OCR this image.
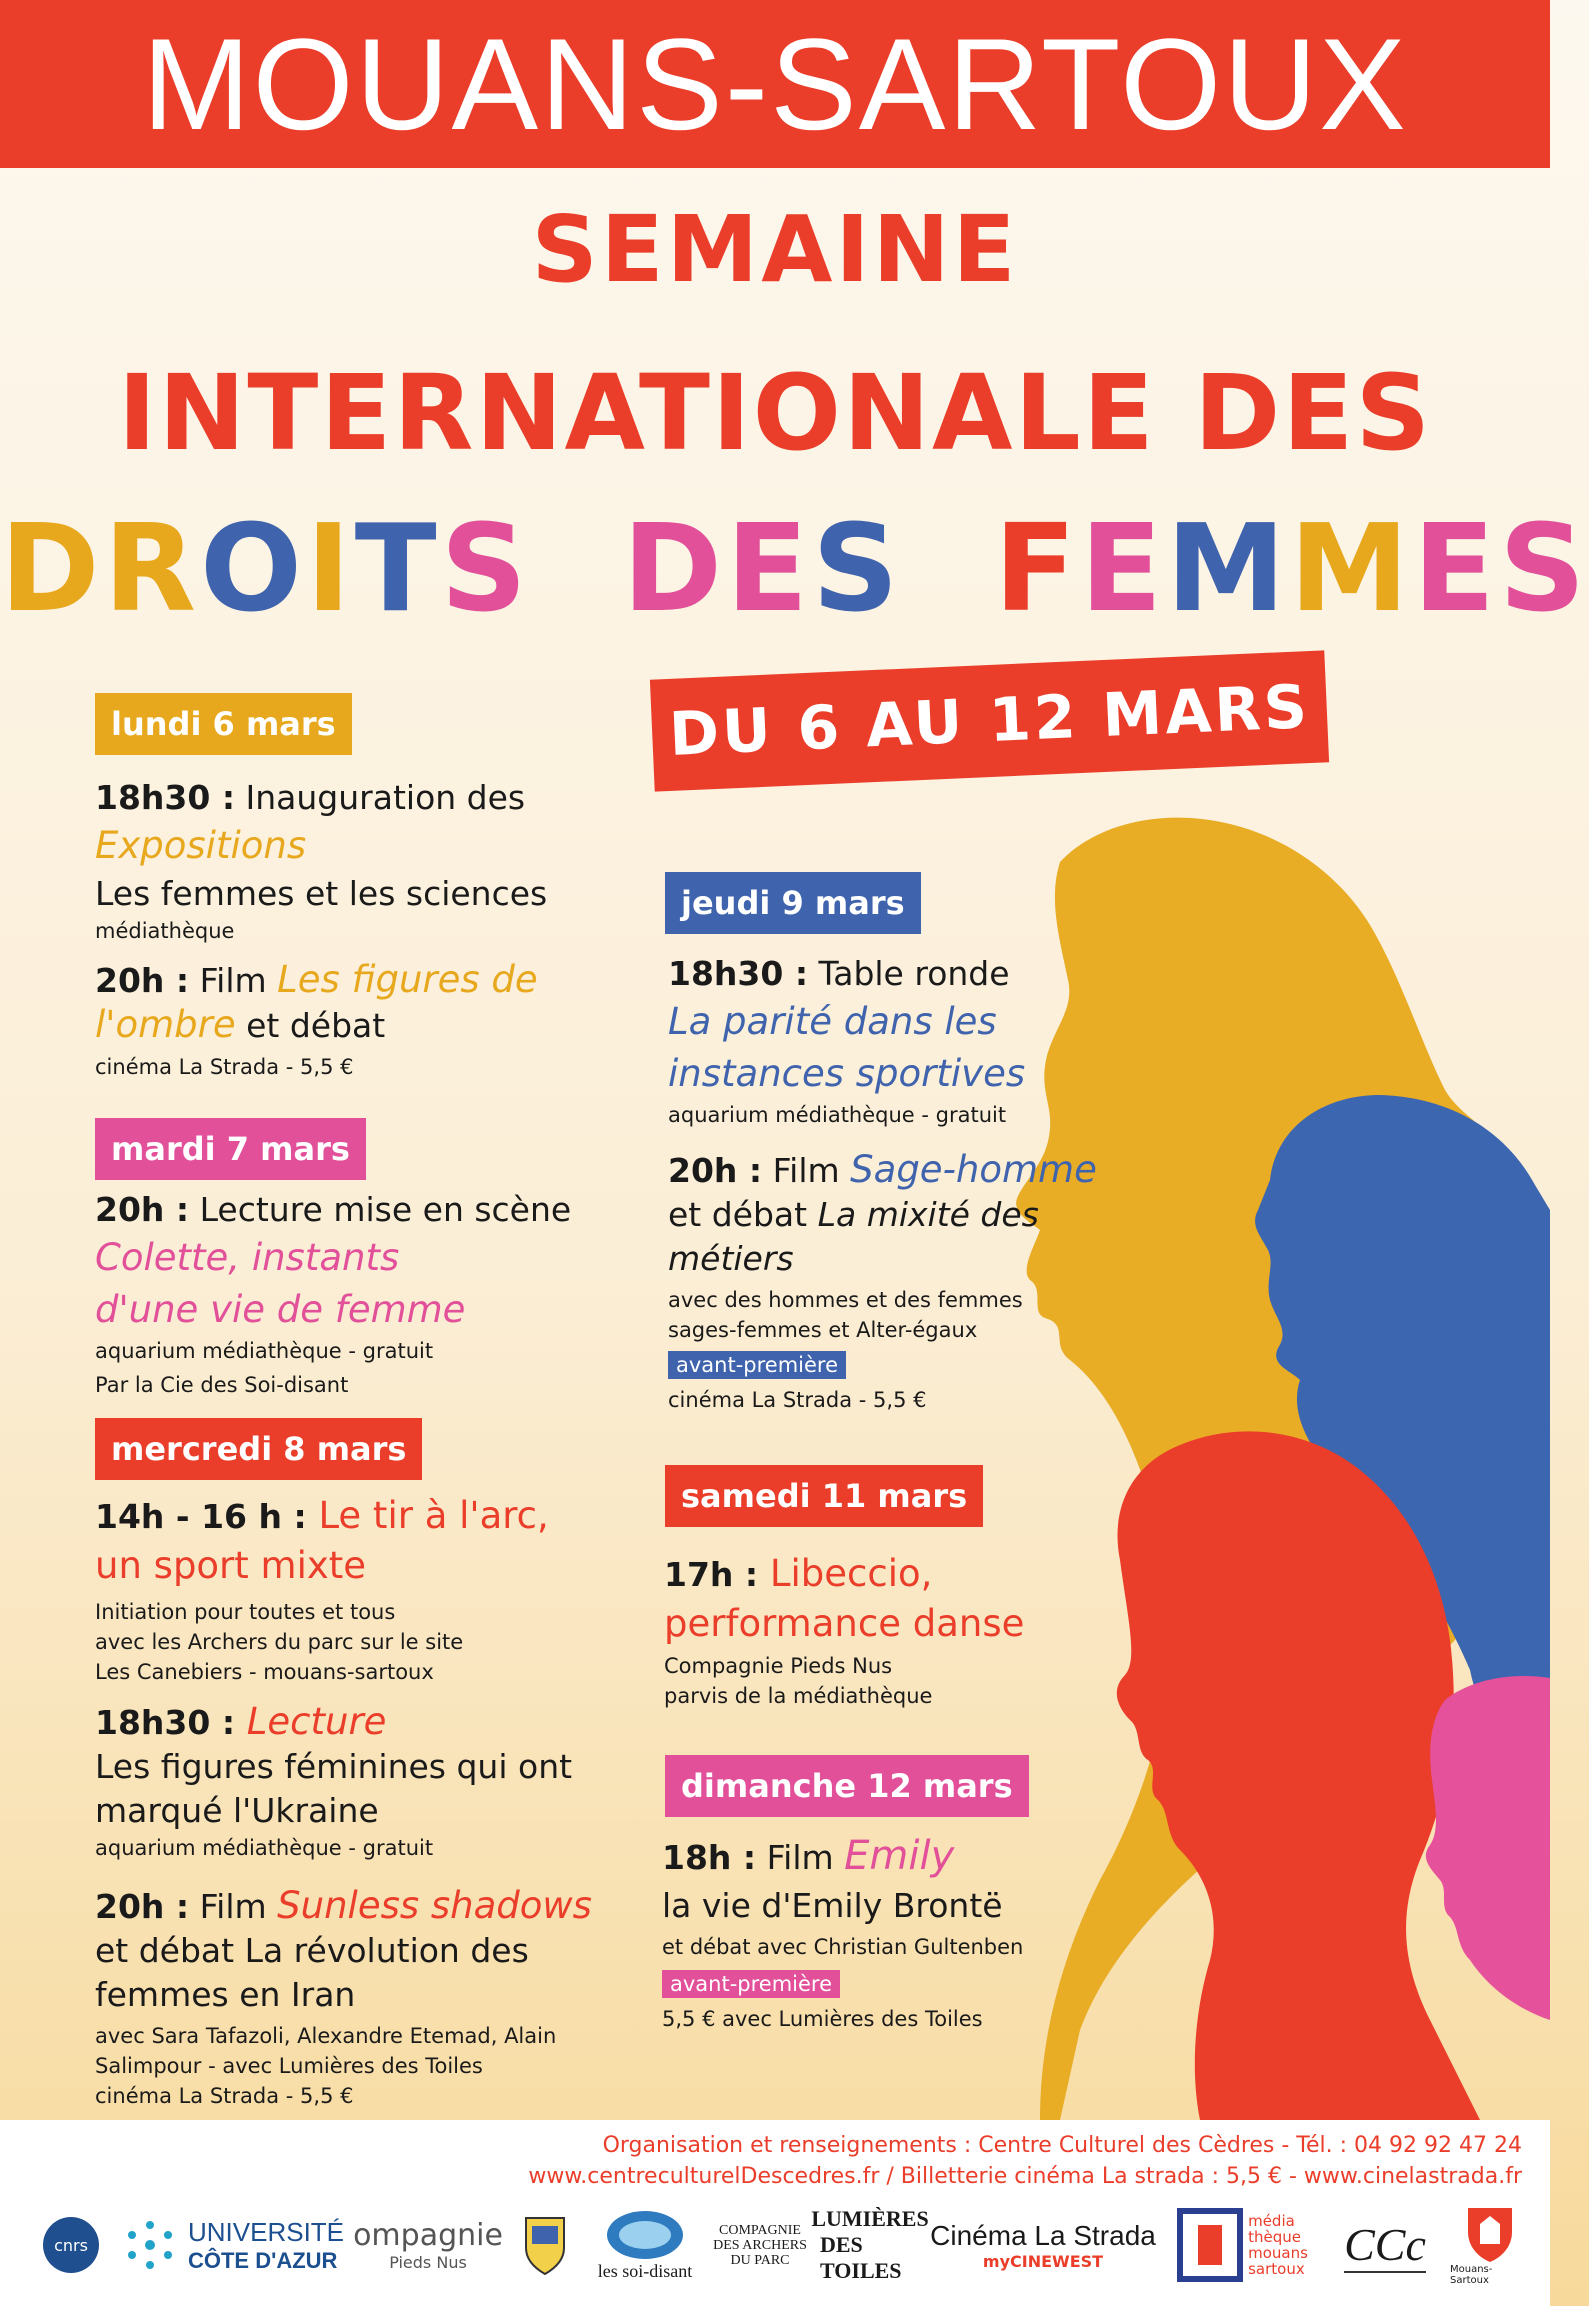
MOUANS-SARTOUX
SEMAINE
INTERNATIONALE DES
DROITS DES FEMMES
DU 6 AU 12 MARS
lundi 6 mars
18h30 : Inauguration des
Expositions
Les femmes et les sciences
médiathèque
20h : Film Les figures de
l'ombre et débat
cinéma La Strada - 5,5 €
mardi 7 mars
20h : Lecture mise en scène
Colette, instants
d'une vie de femme
aquarium médiathèque - gratuit
Par la Cie des Soi-disant
mercredi 8 mars
14h - 16 h : Le tir à l'arc,
un sport mixte
Initiation pour toutes et tous
avec les Archers du parc sur le site
Les Canebiers - mouans-sartoux
18h30 : Lecture
Les figures féminines qui ont
marqué l'Ukraine
aquarium médiathèque - gratuit
20h : Film Sunless shadows
et débat La révolution des
femmes en Iran
avec Sara Tafazoli, Alexandre Etemad, Alain
Salimpour - avec Lumières des Toiles
cinéma La Strada - 5,5 €
jeudi 9 mars
18h30 : Table ronde
La parité dans les
instances sportives
aquarium médiathèque - gratuit
20h : Film Sage-homme
et débat La mixité des
métiers
avec des hommes et des femmes
sages-femmes et Alter-égaux
avant-première
cinéma La Strada - 5,5 €
samedi 11 mars
17h : Libeccio,
performance danse
Compagnie Pieds Nus
parvis de la médiathèque
dimanche 12 mars
18h : Film Emily
la vie d'Emily Brontë
et débat avec Christian Gultenben
avant-première
5,5 € avec Lumières des Toiles
Organisation et renseignements : Centre Culturel des Cèdres - Tél. : 04 92 92 47 24
www.centreculturelDescedres.fr / Billetterie cinéma La strada : 5,5 € - www.cinelastrada.fr
cnrs	UNIVERSITÉ
CÔTE D'AZUR
ompagnie
Pieds Nus	les soi-disant
COMPAGNIE
DES ARCHERS
DU PARC
LUMIÈRES
DES TOILES
Cinéma La Strada
myCINEWEST
média
thèque
mouans
sartoux CCc Mouans-Sartoux
